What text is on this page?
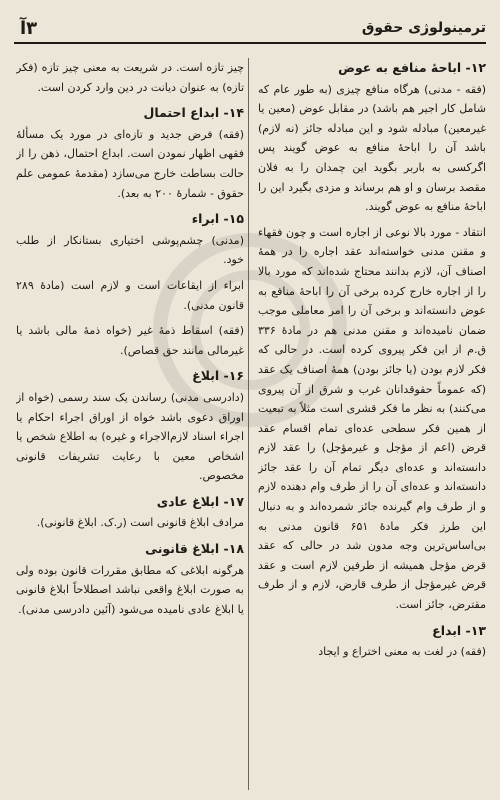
ترمینولوژی حقوق
۳
آ
۱۲- اباحهٔ منافع به عوض

(فقه - مدنی) هرگاه منافع چیزی (به طور عام که شامل کار اجیر هم باشد) در مقابل عوض (معین یا غیرمعین) مبادله شود و این مبادله جائز (نه لازم) باشد آن را اباحهٔ منافع به عوض گویند پس اگرکسی به باربر بگوید این چمدان را به فلان مقصد برسان و او هم برساند و مزدی بگیرد این را اباحهٔ منافع به عوض گویند.

انتقاد - مورد بالا نوعی از اجاره است و چون فقهاء و مقنن مدنی خواسته‌اند عقد اجاره را در همهٔ اصناف آن، لازم بدانند محتاج شده‌اند که مورد بالا را از اجاره خارج کرده برخی آن را اباحهٔ منافع به عوض دانسته‌اند و برخی آن را امر معاملی موجب ضمان نامیده‌اند و مقنن مدنی هم در مادهٔ ۳۳۶ ق.م از این فکر پیروی کرده است. در حالی که فکر لازم بودن (یا جائز بودن) همهٔ اصناف یک عقد (که عموماً حقوقدانان غرب و شرق از آن پیروی می‌کنند) به نظر ما فکر قشری است مثلاً به تبعیت از همین فکر سطحی عده‌ای تمام اقسام عقد قرض (اعم از مؤجل و غیرمؤجل) را عقد لازم دانسته‌اند و عده‌ای دیگر تمام آن را عقد جائز دانسته‌اند و عده‌ای آن را از طرف وام دهنده لازم و از طرف وام گیرنده جائز شمرده‌اند و به دنبال این طرز فکر مادهٔ ۶۵۱ قانون مدنی به بی‌اساس‌ترین وجه مدون شد در حالی که عقد قرض مؤجل همیشه از طرفین لازم است و عقد قرض غیرمؤجل از طرف قارض، لازم و از طرف مقترض، جائز است.

۱۳- ابداع

(فقه) در لغت به معنی اختراع و ایجاد

چیز تازه است. در شریعت به معنی چیز تازه (فکر تازه) به عنوان دیانت در دین وارد کردن است.

۱۴- ابداع احتمال

(فقه) فرض جدید و تازه‌ای در مورد یک مسألهٔ فقهی اظهار نمودن است. ابداع احتمال، ذهن را از حالت بساطت خارج می‌سازد (مقدمهٔ عمومی علم حقوق - شمارهٔ ۲۰۰ به بعد).

۱۵- ابراء

(مدنی) چشم‌پوشی اختیاری بستانکار از طلب خود.

ابراء از ایقاعات است و لازم است (مادهٔ ۲۸۹ قانون مدنی).

(فقه) اسقاط ذمهٔ غیر (خواه ذمهٔ مالی باشد یا غیرمالی مانند حق قصاص).

۱۶- ابلاغ

(دادرسی مدنی) رساندن یک سند رسمی (خواه از اوراق دعوی باشد خواه از اوراق اجراء احکام یا اجراء اسناد لازم‌الاجراء و غیره) به اطلاع شخص یا اشخاص معین با رعایت تشریفات قانونی مخصوص.

۱۷- ابلاغ عادی

مرادف ابلاغ قانونی است (ر.ک. ابلاغ قانونی).

۱۸- ابلاغ قانونی

هرگونه ابلاغی که مطابق مقررات قانون بوده ولی به صورت ابلاغ واقعی نباشد اصطلاحاً ابلاغ قانونی یا ابلاغ عادی نامیده می‌شود (آئین دادرسی مدنی).
